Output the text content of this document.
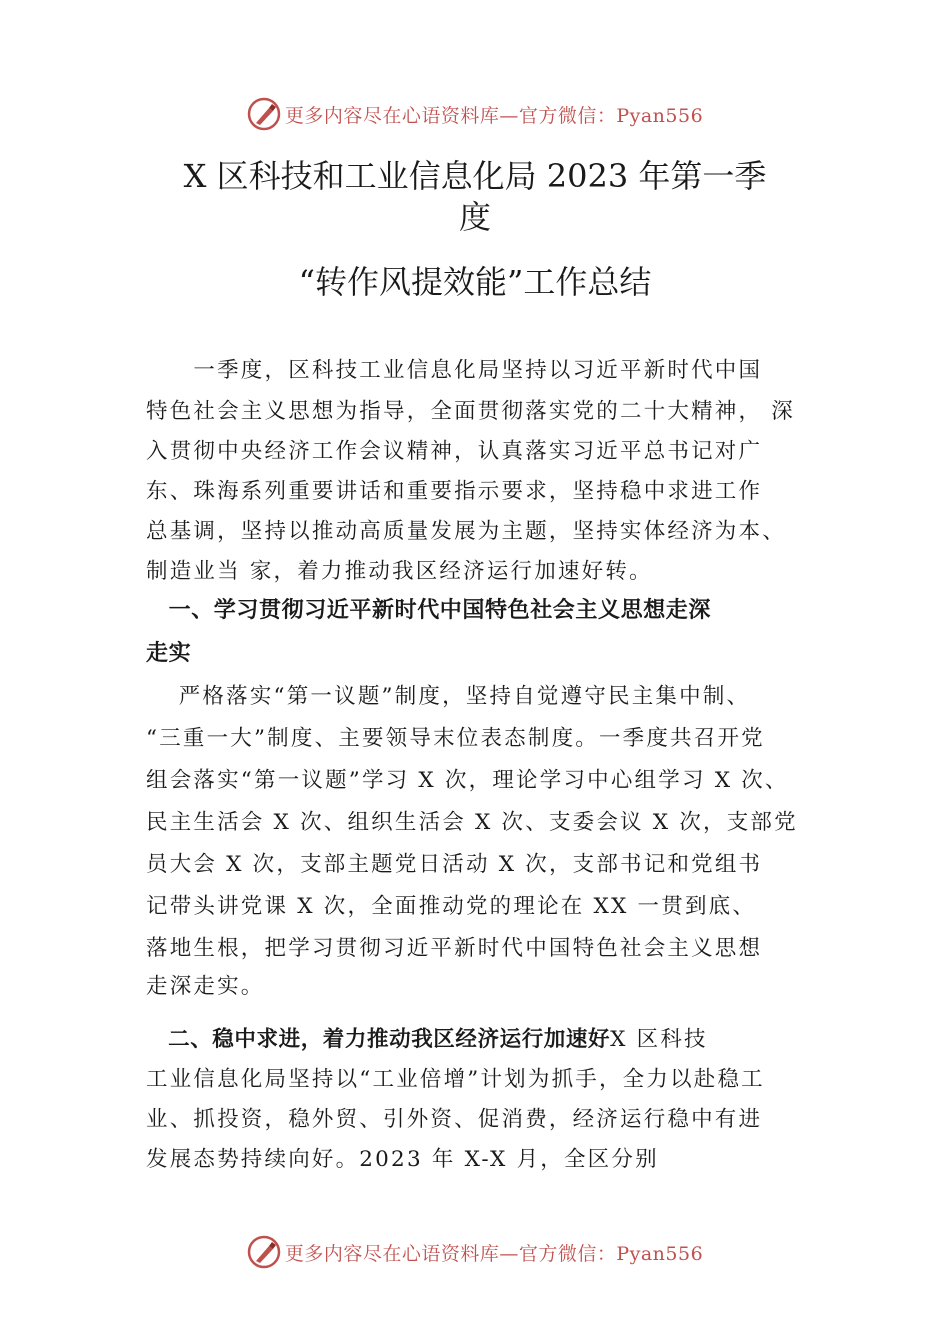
更多内容尽在心语资料库—官方微信：Pyan556
X 区科技和工业信息化局 2023 年第一季
度
“转作风提效能”工作总结
　　一季度，区科技工业信息化局坚持以习近平新时代中国
特色社会主义思想为指导，全面贯彻落实党的二十大精神， 深
入贯彻中央经济工作会议精神，认真落实习近平总书记对广
东、珠海系列重要讲话和重要指示要求，坚持稳中求进工作
总基调，坚持以推动高质量发展为主题，坚持实体经济为本、
制造业当 家，着力推动我区经济运行加速好转。
　一、学习贯彻习近平新时代中国特色社会主义思想走深
走实
　 严格落实“第一议题”制度，坚持自觉遵守民主集中制、
“三重一大”制度、主要领导末位表态制度。一季度共召开党
组会落实“第一议题”学习 X 次，理论学习中心组学习 X 次、
民主生活会 X 次、组织生活会 X 次、支委会议 X 次，支部党
员大会 X 次，支部主题党日活动 X 次，支部书记和党组书
记带头讲党课 X 次，全面推动党的理论在 XX 一贯到底、
落地生根，把学习贯彻习近平新时代中国特色社会主义思想
走深走实。
　二、稳中求进，着力推动我区经济运行加速好X 区科技
工业信息化局坚持以“工业倍增”计划为抓手，全力以赴稳工
业、抓投资，稳外贸、引外资、促消费，经济运行稳中有进
发展态势持续向好。2023 年 X-X 月，全区分别
更多内容尽在心语资料库—官方微信：Pyan556
